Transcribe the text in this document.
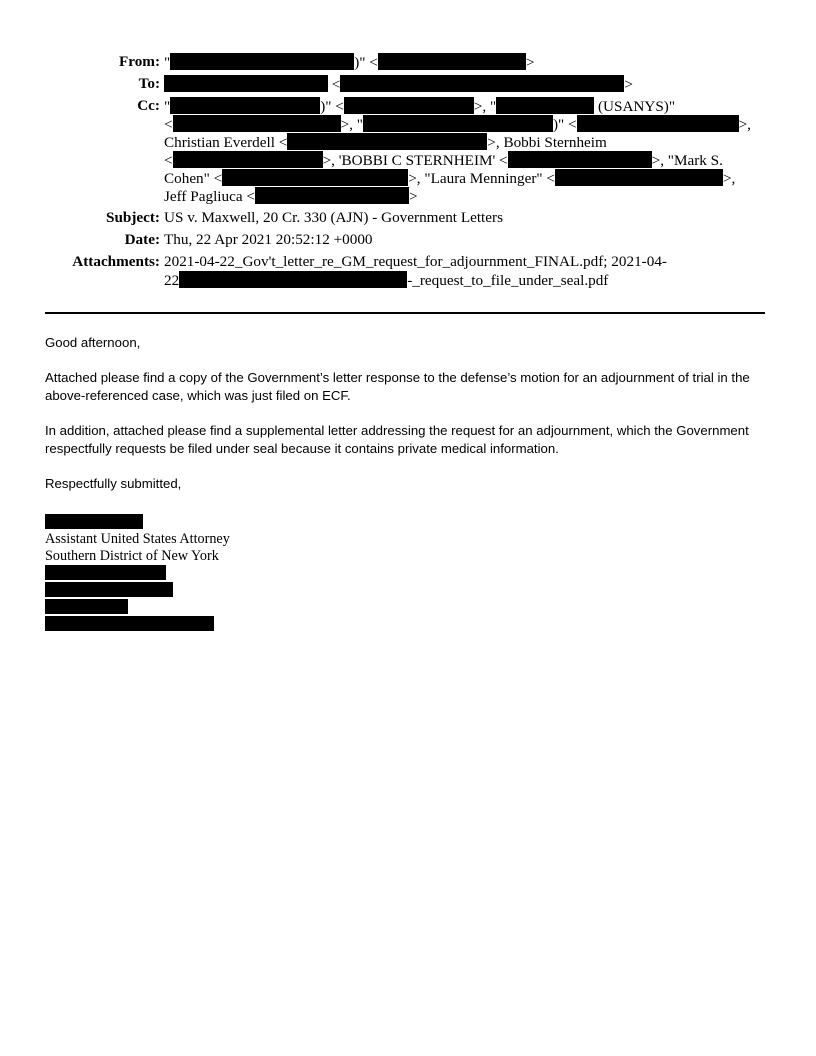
From: "	)" <	>
To:	<	>
Cc: "	)" <	>, "	(USANYS)"
<	>, "	)" <	>,
Christian Everdell <	>, Bobbi Sternheim
<	>, 'BOBBI C STERNHEIM' <	>, "Mark S.
Cohen" <	>, "Laura Menninger" <	>,
Jeff Pagliuca <	>
Subject: US v. Maxwell, 20 Cr. 330 (AJN) - Government Letters
Date: Thu, 22 Apr 2021 20:52:12 +0000
Attachments: 2021-04-22_Gov't_letter_re_GM_request_for_adjournment_FINAL.pdf; 2021-04-
22	-_request_to_file_under_seal.pdf

Good afternoon,

Attached please find a copy of the Government’s letter response to the defense’s motion for an adjournment of trial in the above-referenced case, which was just filed on ECF.

In addition, attached please find a supplemental letter addressing the request for an adjournment, which the Government respectfully requests be filed under seal because it contains private medical information.

Respectfully submitted,

Assistant United States Attorney
Southern District of New York
